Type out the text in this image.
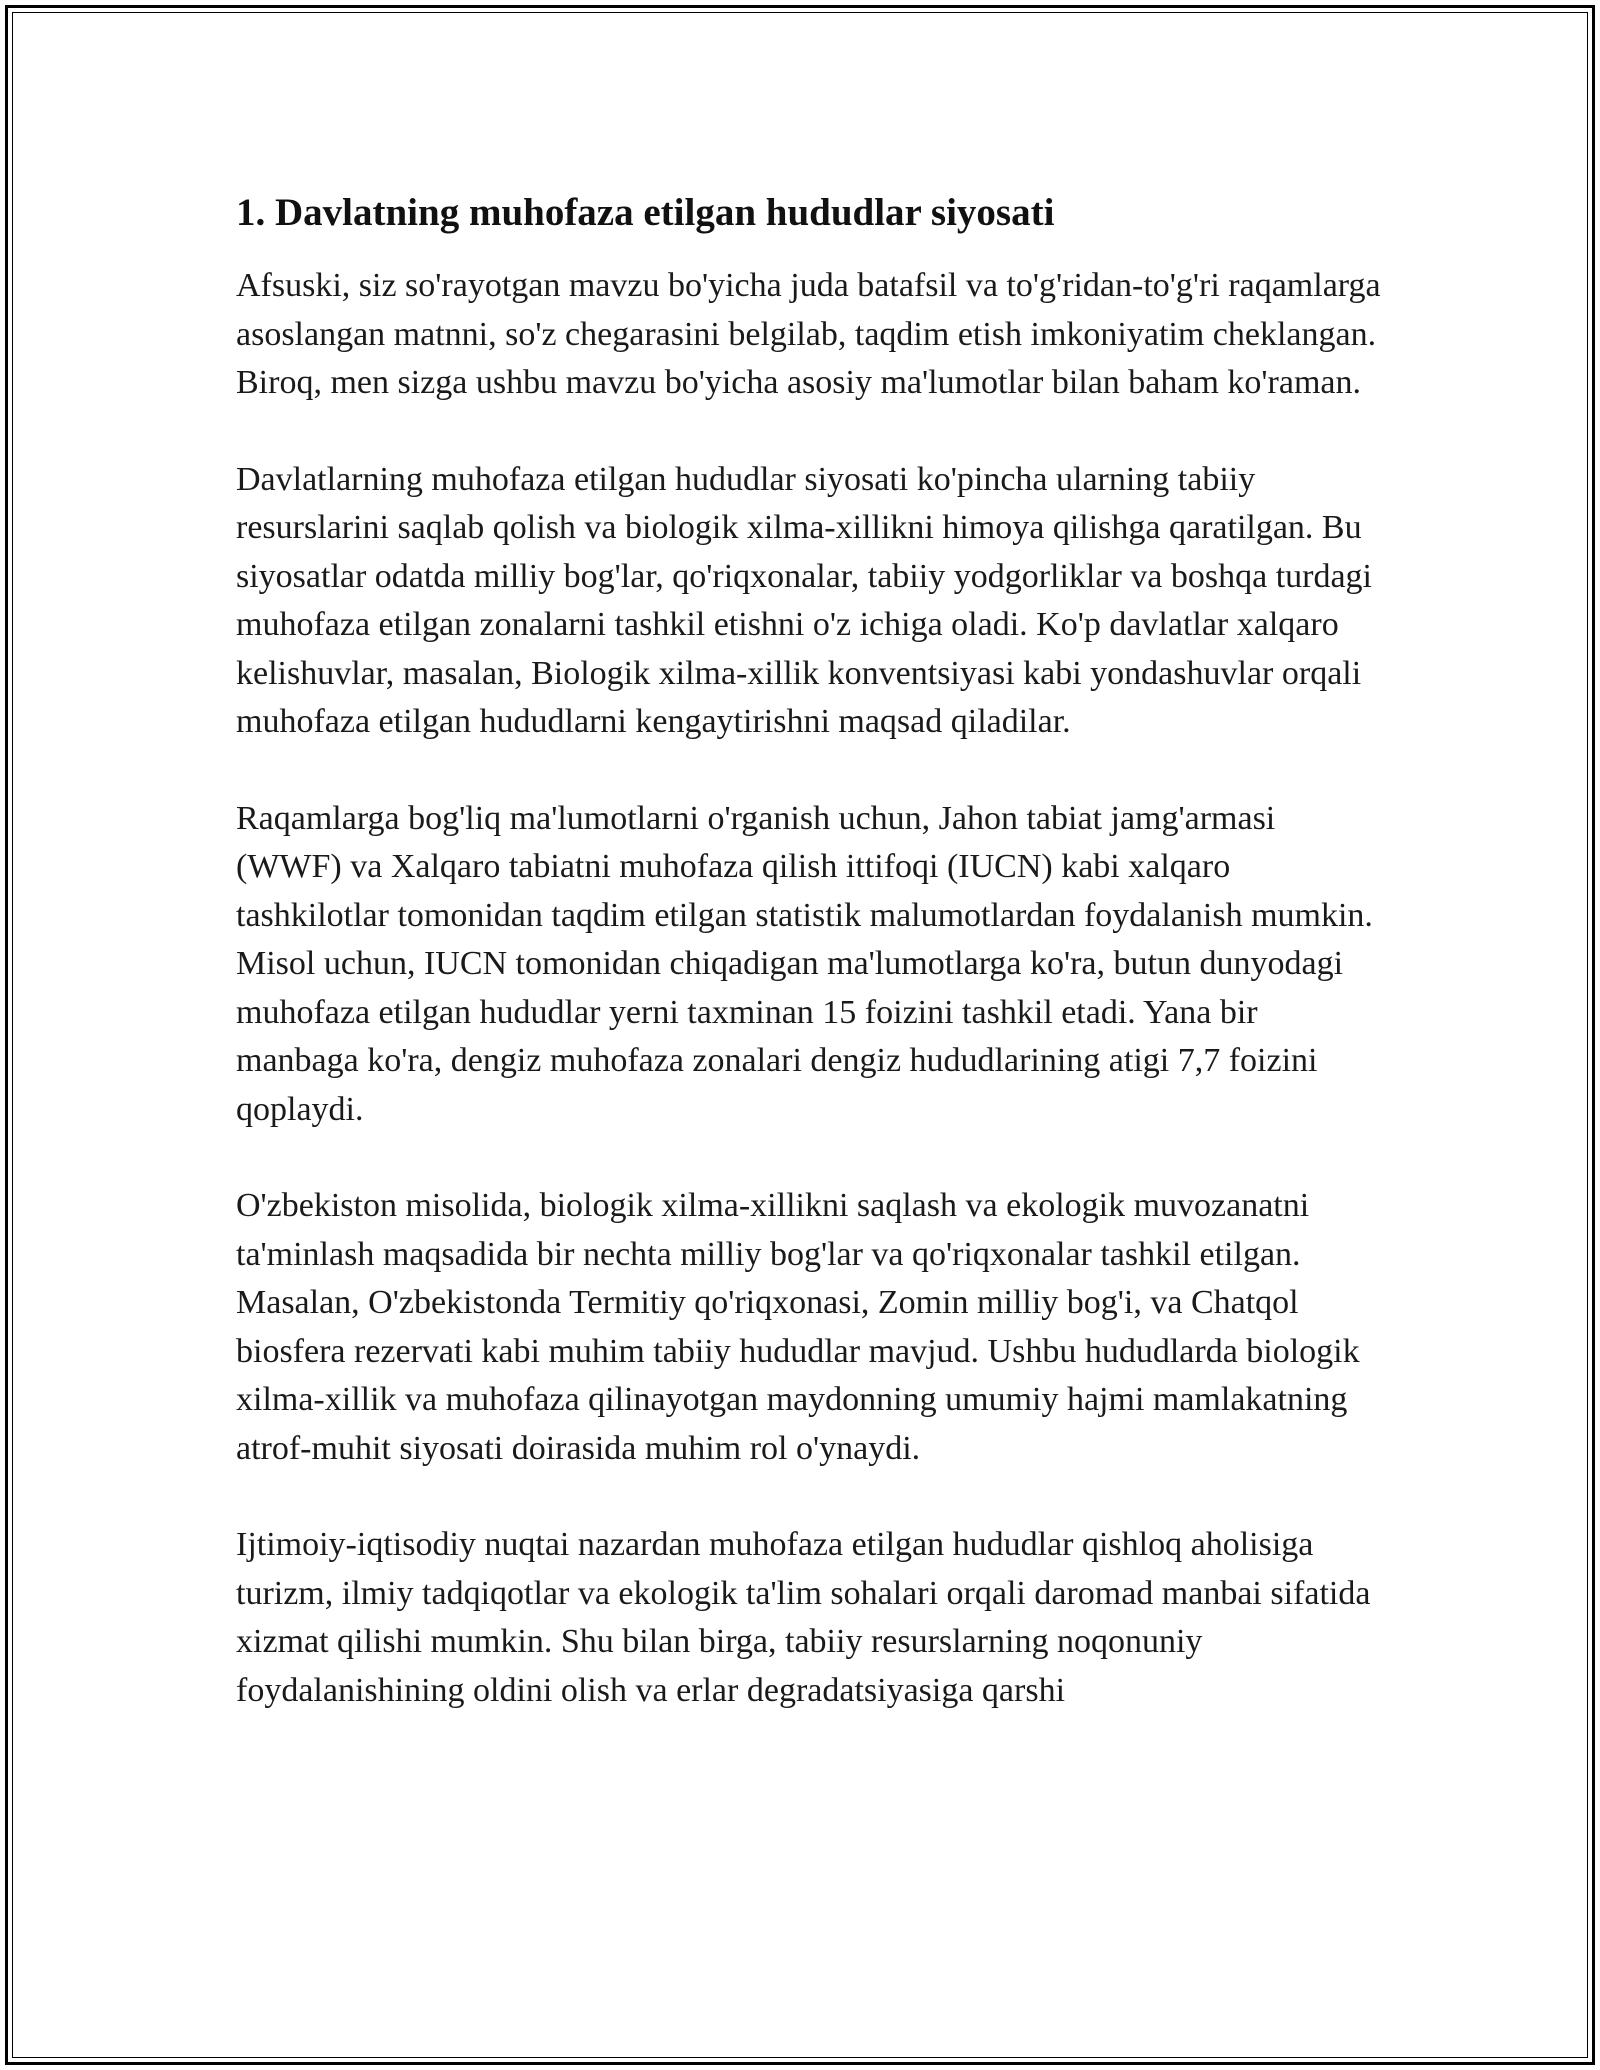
1. Davlatning muhofaza etilgan hududlar siyosati

Afsuski, siz so'rayotgan mavzu bo'yicha juda batafsil va to'g'ridan-to'g'ri raqamlarga asoslangan matnni, so'z chegarasini belgilab, taqdim etish imkoniyatim cheklangan. Biroq, men sizga ushbu mavzu bo'yicha asosiy ma'lumotlar bilan baham ko'raman.

Davlatlarning muhofaza etilgan hududlar siyosati ko'pincha ularning tabiiy resurslarini saqlab qolish va biologik xilma-xillikni himoya qilishga qaratilgan. Bu siyosatlar odatda milliy bog'lar, qo'riqxonalar, tabiiy yodgorliklar va boshqa turdagi muhofaza etilgan zonalarni tashkil etishni o'z ichiga oladi. Ko'p davlatlar xalqaro kelishuvlar, masalan, Biologik xilma-xillik konventsiyasi kabi yondashuvlar orqali muhofaza etilgan hududlarni kengaytirishni maqsad qiladilar.

Raqamlarga bog'liq ma'lumotlarni o'rganish uchun, Jahon tabiat jamg'armasi (WWF) va Xalqaro tabiatni muhofaza qilish ittifoqi (IUCN) kabi xalqaro tashkilotlar tomonidan taqdim etilgan statistik malumotlardan foydalanish mumkin. Misol uchun, IUCN tomonidan chiqadigan ma'lumotlarga ko'ra, butun dunyodagi muhofaza etilgan hududlar yerni taxminan 15 foizini tashkil etadi. Yana bir manbaga ko'ra, dengiz muhofaza zonalari dengiz hududlarining atigi 7,7 foizini qoplaydi.

O'zbekiston misolida, biologik xilma-xillikni saqlash va ekologik muvozanatni ta'minlash maqsadida bir nechta milliy bog'lar va qo'riqxonalar tashkil etilgan. Masalan, O'zbekistonda Termitiy qo'riqxonasi, Zomin milliy bog'i, va Chatqol biosfera rezervati kabi muhim tabiiy hududlar mavjud. Ushbu hududlarda biologik xilma-xillik va muhofaza qilinayotgan maydonning umumiy hajmi mamlakatning atrof-muhit siyosati doirasida muhim rol o'ynaydi.

Ijtimoiy-iqtisodiy nuqtai nazardan muhofaza etilgan hududlar qishloq aholisiga turizm, ilmiy tadqiqotlar va ekologik ta'lim sohalari orqali daromad manbai sifatida xizmat qilishi mumkin. Shu bilan birga, tabiiy resurslarning noqonuniy foydalanishining oldini olish va erlar degradatsiyasiga qarshi
